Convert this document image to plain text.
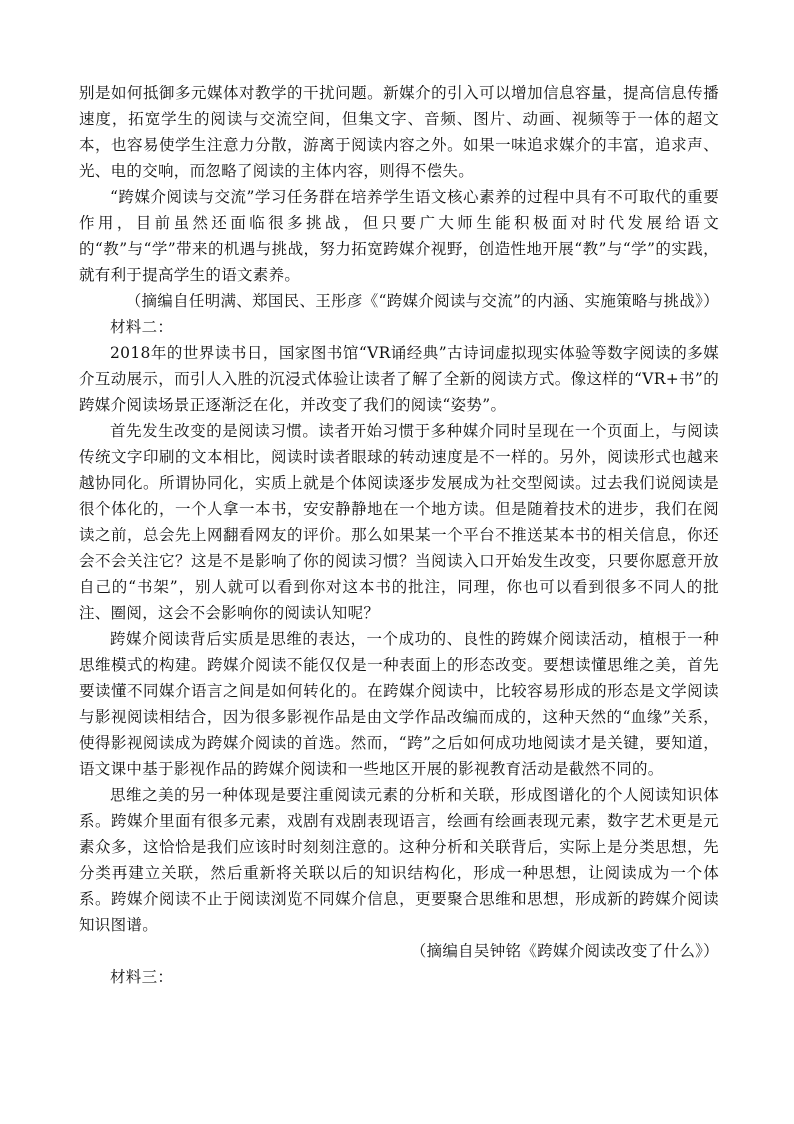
别是如何抵御多元媒体对教学的干扰问题。新媒介的引入可以增加信息容量，提高信息传播速度，拓宽学生的阅读与交流空间，但集文字、音频、图片、动画、视频等于一体的超文本，也容易使学生注意力分散，游离于阅读内容之外。如果一味追求媒介的丰富，追求声、光、电的交响，而忽略了阅读的主体内容，则得不偿失。

“跨媒介阅读与交流”学习任务群在培养学生语文核心素养的过程中具有不可取代的重要作用，目前虽然还面临很多挑战，但只要广大师生能积极面对时代发展给语文的“教”与“学”带来的机遇与挑战，努力拓宽跨媒介视野，创造性地开展“教”与“学”的实践，就有利于提高学生的语文素养。

（摘编自任明满、郑国民、王彤彦《“跨媒介阅读与交流”的内涵、实施策略与挑战》）

材料二：

2018年的世界读书日，国家图书馆“VR诵经典”古诗词虚拟现实体验等数字阅读的多媒介互动展示，而引人入胜的沉浸式体验让读者了解了全新的阅读方式。像这样的“VR+书”的跨媒介阅读场景正逐渐泛在化，并改变了我们的阅读“姿势”。

首先发生改变的是阅读习惯。读者开始习惯于多种媒介同时呈现在一个页面上，与阅读传统文字印刷的文本相比，阅读时读者眼球的转动速度是不一样的。另外，阅读形式也越来越协同化。所谓协同化，实质上就是个体阅读逐步发展成为社交型阅读。过去我们说阅读是很个体化的，一个人拿一本书，安安静静地在一个地方读。但是随着技术的进步，我们在阅读之前，总会先上网翻看网友的评价。那么如果某一个平台不推送某本书的相关信息，你还会不会关注它？这是不是影响了你的阅读习惯？当阅读入口开始发生改变，只要你愿意开放自己的“书架”，别人就可以看到你对这本书的批注，同理，你也可以看到很多不同人的批注、圈阅，这会不会影响你的阅读认知呢？

跨媒介阅读背后实质是思维的表达，一个成功的、良性的跨媒介阅读活动，植根于一种思维模式的构建。跨媒介阅读不能仅仅是一种表面上的形态改变。要想读懂思维之美，首先要读懂不同媒介语言之间是如何转化的。在跨媒介阅读中，比较容易形成的形态是文学阅读与影视阅读相结合，因为很多影视作品是由文学作品改编而成的，这种天然的“血缘”关系，使得影视阅读成为跨媒介阅读的首选。然而，“跨”之后如何成功地阅读才是关键，要知道，语文课中基于影视作品的跨媒介阅读和一些地区开展的影视教育活动是截然不同的。

思维之美的另一种体现是要注重阅读元素的分析和关联，形成图谱化的个人阅读知识体系。跨媒介里面有很多元素，戏剧有戏剧表现语言，绘画有绘画表现元素，数字艺术更是元素众多，这恰恰是我们应该时时刻刻注意的。这种分析和关联背后，实际上是分类思想，先分类再建立关联，然后重新将关联以后的知识结构化，形成一种思想，让阅读成为一个体系。跨媒介阅读不止于阅读浏览不同媒介信息，更要聚合思维和思想，形成新的跨媒介阅读知识图谱。

（摘编自吴钟铭《跨媒介阅读改变了什么》）

材料三：
